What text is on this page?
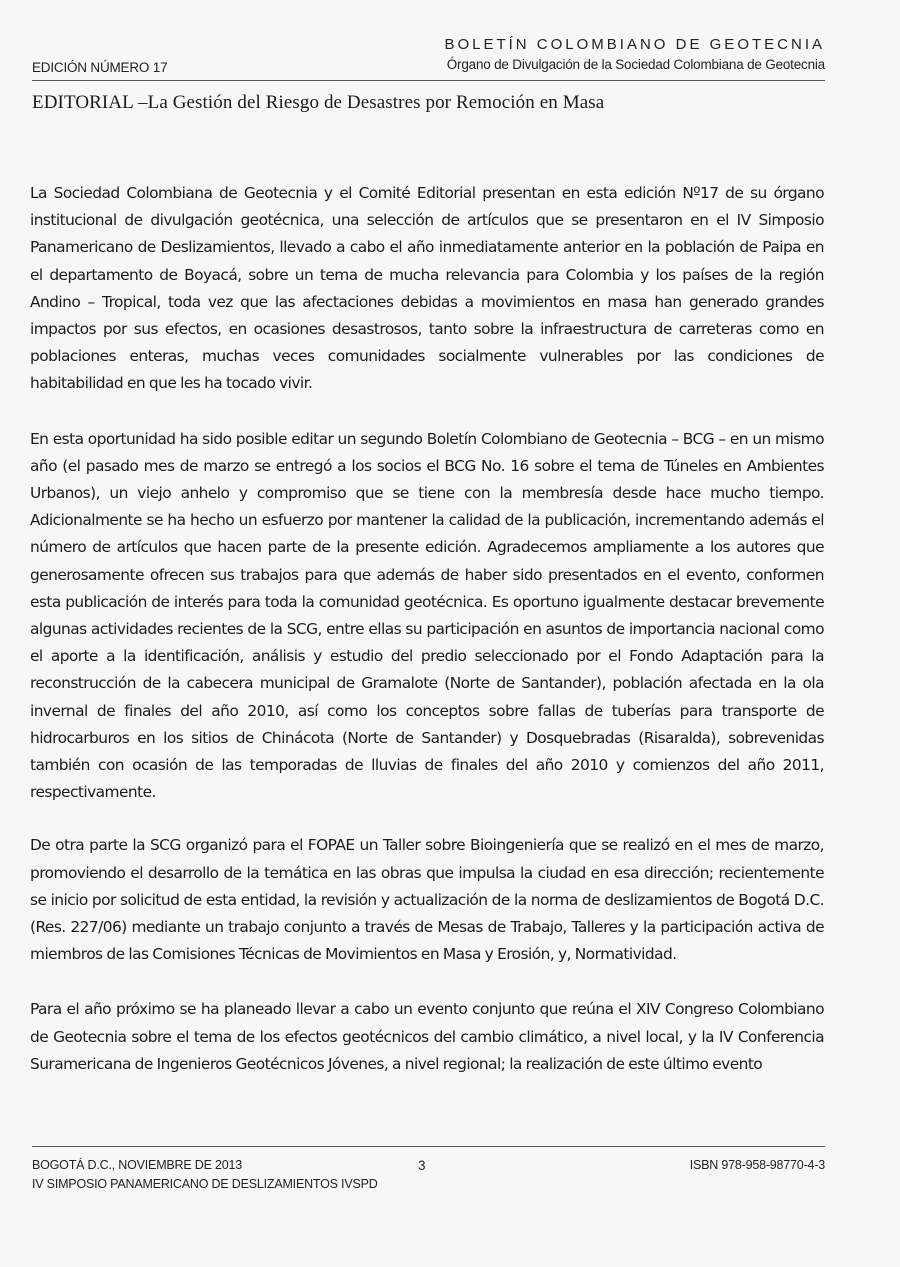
BOLETÍN COLOMBIANO DE GEOTECNIA
Órgano de Divulgación de la Sociedad Colombiana de Geotecnia
EDICIÓN NÚMERO 17
EDITORIAL –La Gestión del Riesgo de Desastres por Remoción en Masa

La Sociedad Colombiana de Geotecnia y el Comité Editorial presentan en esta edición Nº17 de su órgano institucional de divulgación geotécnica, una selección de artículos que se presentaron en el IV Simposio Panamericano de Deslizamientos, llevado a cabo el año inmediatamente anterior en la población de Paipa en el departamento de Boyacá, sobre un tema de mucha relevancia para Colombia y los países de la región Andino – Tropical, toda vez que las afectaciones debidas a movimientos en masa han generado grandes impactos por sus efectos, en ocasiones desastrosos, tanto sobre la infraestructura de carreteras como en poblaciones enteras, muchas veces comunidades socialmente vulnerables por las condiciones de habitabilidad en que les ha tocado vivir.

En esta oportunidad ha sido posible editar un segundo Boletín Colombiano de Geotecnia – BCG – en un mismo año (el pasado mes de marzo se entregó a los socios el BCG No. 16 sobre el tema de Túneles en Ambientes Urbanos), un viejo anhelo y compromiso que se tiene con la membresía desde hace mucho tiempo. Adicionalmente se ha hecho un esfuerzo por mantener la calidad de la publicación, incrementando además el número de artículos que hacen parte de la presente edición. Agradecemos ampliamente a los autores que generosamente ofrecen sus trabajos para que además de haber sido presentados en el evento, conformen esta publicación de interés para toda la comunidad geotécnica. Es oportuno igualmente destacar brevemente algunas actividades recientes de la SCG, entre ellas su participación en asuntos de importancia nacional como el aporte a la identificación, análisis y estudio del predio seleccionado por el Fondo Adaptación para la reconstrucción de la cabecera municipal de Gramalote (Norte de Santander), población afectada en la ola invernal de finales del año 2010, así como los conceptos sobre fallas de tuberías para transporte de hidrocarburos en los sitios de Chinácota (Norte de Santander) y Dosquebradas (Risaralda), sobrevenidas también con ocasión de las temporadas de lluvias de finales del año 2010 y comienzos del año 2011, respectivamente.

De otra parte la SCG organizó para el FOPAE un Taller sobre Bioingeniería que se realizó en el mes de marzo, promoviendo el desarrollo de la temática en las obras que impulsa la ciudad en esa dirección; recientemente se inicio por solicitud de esta entidad, la revisión y actualización de la norma de deslizamientos de Bogotá D.C. (Res. 227/06) mediante un trabajo conjunto a través de Mesas de Trabajo, Talleres y la participación activa de miembros de las Comisiones Técnicas de Movimientos en Masa y Erosión, y, Normatividad.

Para el año próximo se ha planeado llevar a cabo un evento conjunto que reúna el XIV Congreso Colombiano de Geotecnia sobre el tema de los efectos geotécnicos del cambio climático, a nivel local, y la IV Conferencia Suramericana de Ingenieros Geotécnicos Jóvenes, a nivel regional; la realización de este último evento

BOGOTÁ D.C., NOVIEMBRE DE 2013
IV SIMPOSIO PANAMERICANO DE DESLIZAMIENTOS IVSPD
3	ISBN 978-958-98770-4-3
